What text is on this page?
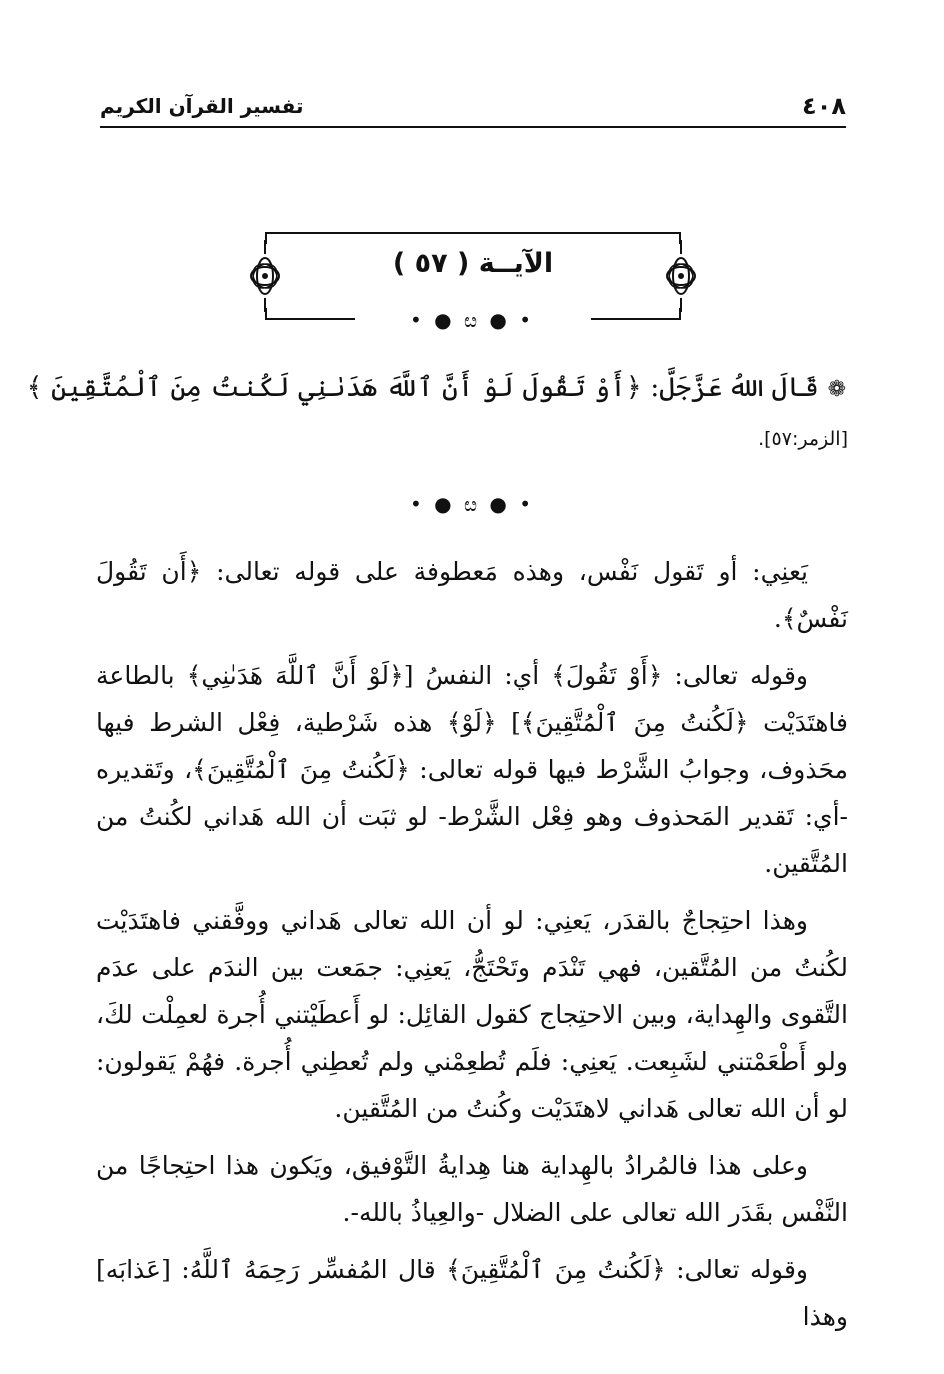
٤٠٨
تفسير القرآن الكريم
الآيــة ( ٥٧ )
• ● ೞ ● •
❁ قَالَ اللهُ عَزَّجَلَّ: ﴿أَوْ تَقُولَ لَوْ أَنَّ ٱللَّهَ هَدَىٰنِي لَكُنتُ مِنَ ٱلْمُتَّقِينَ ﴾
[الزمر:٥٧].
• ● ೞ ● •

يَعنِي: أو تَقول نَفْس، وهذه مَعطوفة على قوله تعالى: ﴿أَن تَقُولَ نَفْسٌ﴾.

وقوله تعالى: ﴿أَوْ تَقُولَ﴾ أي: النفسُ [﴿لَوْ أَنَّ ٱللَّهَ هَدَىٰنِي﴾ بالطاعة فاهتَدَيْت ﴿لَكُنتُ مِنَ ٱلْمُتَّقِينَ﴾] ﴿لَوْ﴾ هذه شَرْطية، فِعْل الشرط فيها محَذوف، وجوابُ الشَّرْط فيها قوله تعالى: ﴿لَكُنتُ مِنَ ٱلْمُتَّقِينَ﴾، وتَقديره -أي: تَقدير المَحذوف وهو فِعْل الشَّرْط- لو ثبَت أن الله هَداني لكُنتُ من المُتَّقين.

وهذا احتِجاجٌ بالقدَر، يَعنِي: لو أن الله تعالى هَداني ووفَّقني فاهتَدَيْت لكُنتُ من المُتَّقين، فهي تَنْدَم وتَحْتَجُّ، يَعنِي: جمَعت بين الندَم على عدَم التَّقوى والهِداية، وبين الاحتِجاج كقول القائِل: لو أَعطَيْتني أُجرة لعمِلْت لكَ، ولو أَطْعَمْتني لشَبِعت. يَعنِي: فلَم تُطعِمْني ولم تُعطِني أُجرة. فهُمْ يَقولون: لو أن الله تعالى هَداني لاهتَدَيْت وكُنتُ من المُتَّقين.

وعلى هذا فالمُرادُ بالهِداية هنا هِدايةُ التَّوْفيق، ويَكون هذا احتِجاجًا من النَّفْس بقَدَر الله تعالى على الضلال -والعِياذُ بالله-.

وقوله تعالى: ﴿لَكُنتُ مِنَ ٱلْمُتَّقِينَ﴾ قال المُفسِّر رَحِمَهُ ٱللَّهُ: [عَذابَه] وهذا
